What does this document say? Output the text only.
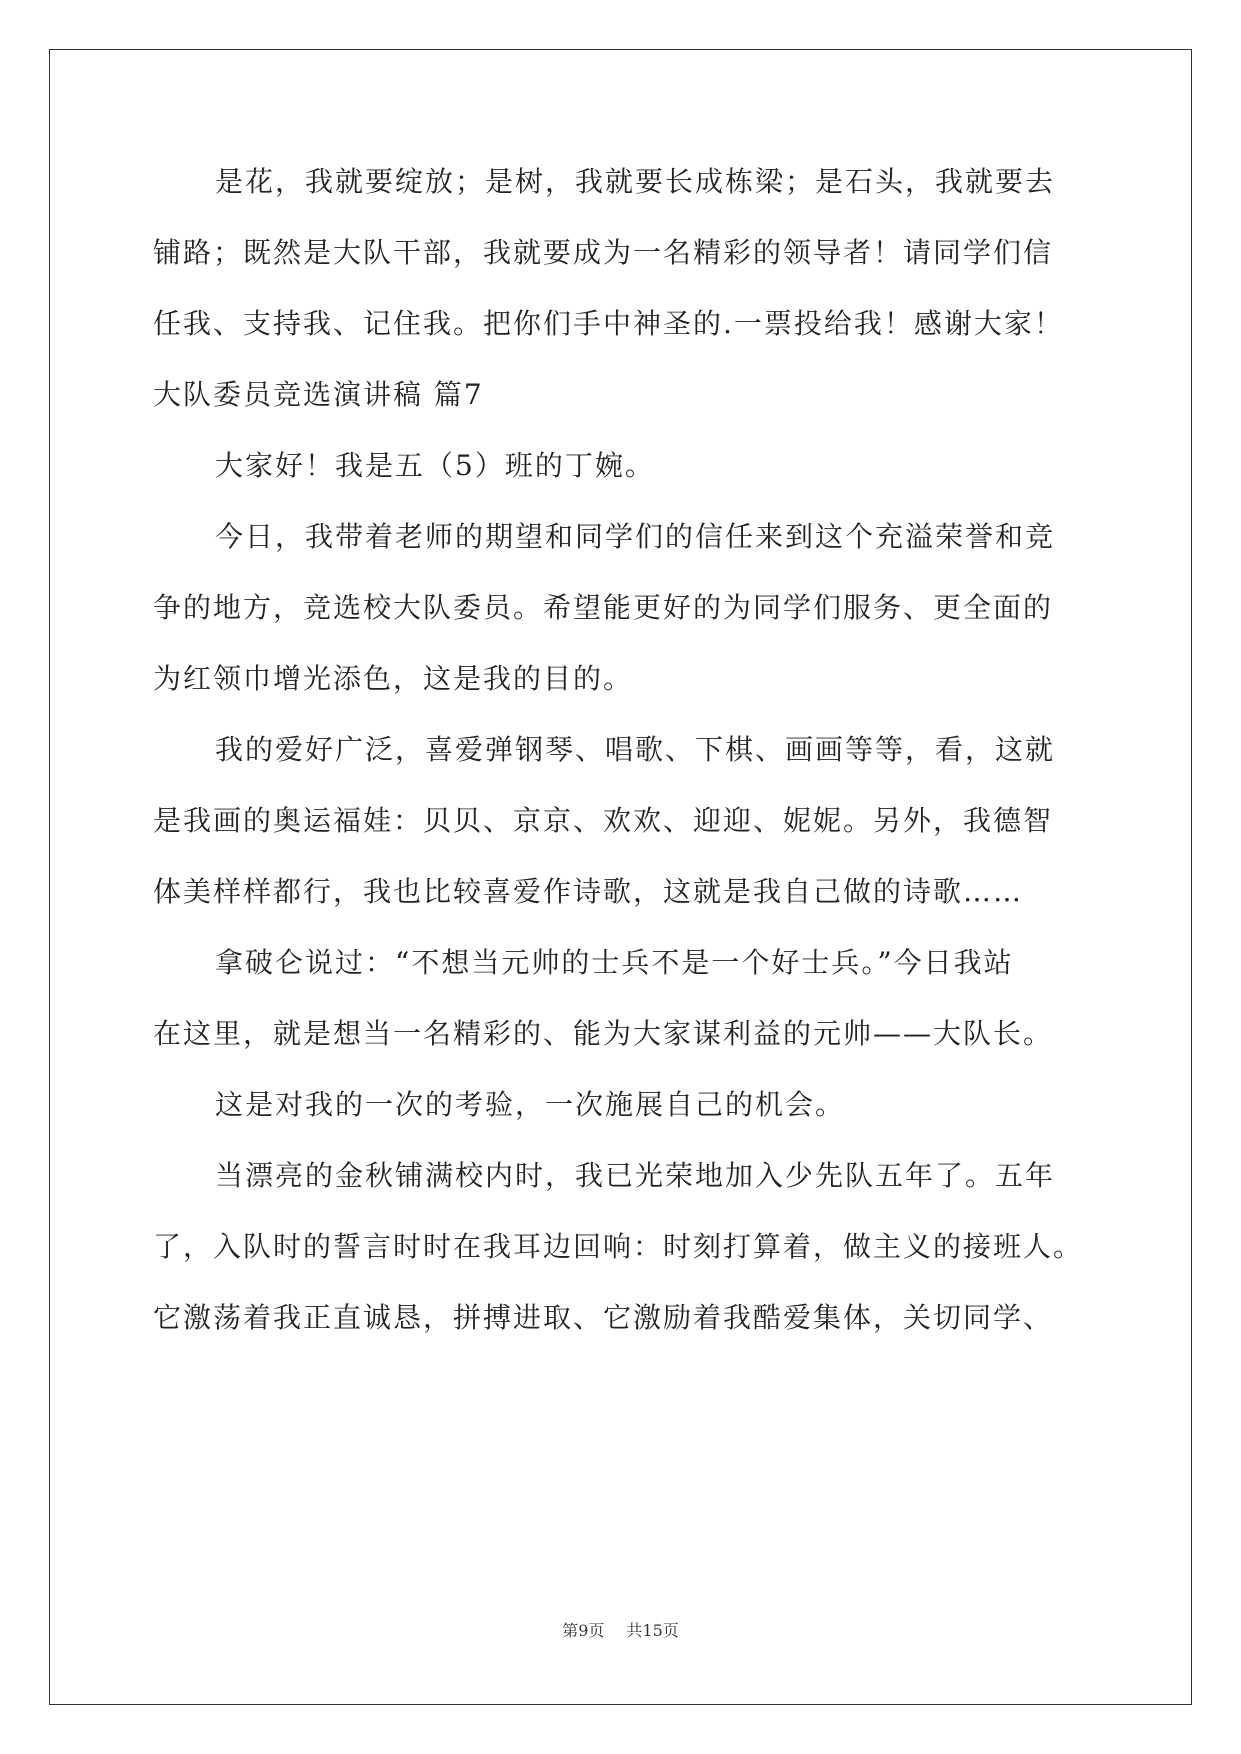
是花，我就要绽放；是树，我就要长成栋梁；是石头，我就要去
铺路；既然是大队干部，我就要成为一名精彩的领导者！请同学们信
任我、支持我、记住我。把你们手中神圣的.一票投给我！感谢大家！
大队委员竞选演讲稿 篇7
大家好！我是五（5）班的丁婉。
今日，我带着老师的期望和同学们的信任来到这个充溢荣誉和竞
争的地方，竞选校大队委员。希望能更好的为同学们服务、更全面的
为红领巾增光添色，这是我的目的。
我的爱好广泛，喜爱弹钢琴、唱歌、下棋、画画等等，看，这就
是我画的奥运福娃：贝贝、京京、欢欢、迎迎、妮妮。另外，我德智
体美样样都行，我也比较喜爱作诗歌，这就是我自己做的诗歌……
拿破仑说过：“不想当元帅的士兵不是一个好士兵。”今日我站
在这里，就是想当一名精彩的、能为大家谋利益的元帅——大队长。
这是对我的一次的考验，一次施展自己的机会。
当漂亮的金秋铺满校内时，我已光荣地加入少先队五年了。五年
了，入队时的誓言时时在我耳边回响：时刻打算着，做主义的接班人。
它激荡着我正直诚恳，拼搏进取、它激励着我酷爱集体，关切同学、
第9页 共15页
